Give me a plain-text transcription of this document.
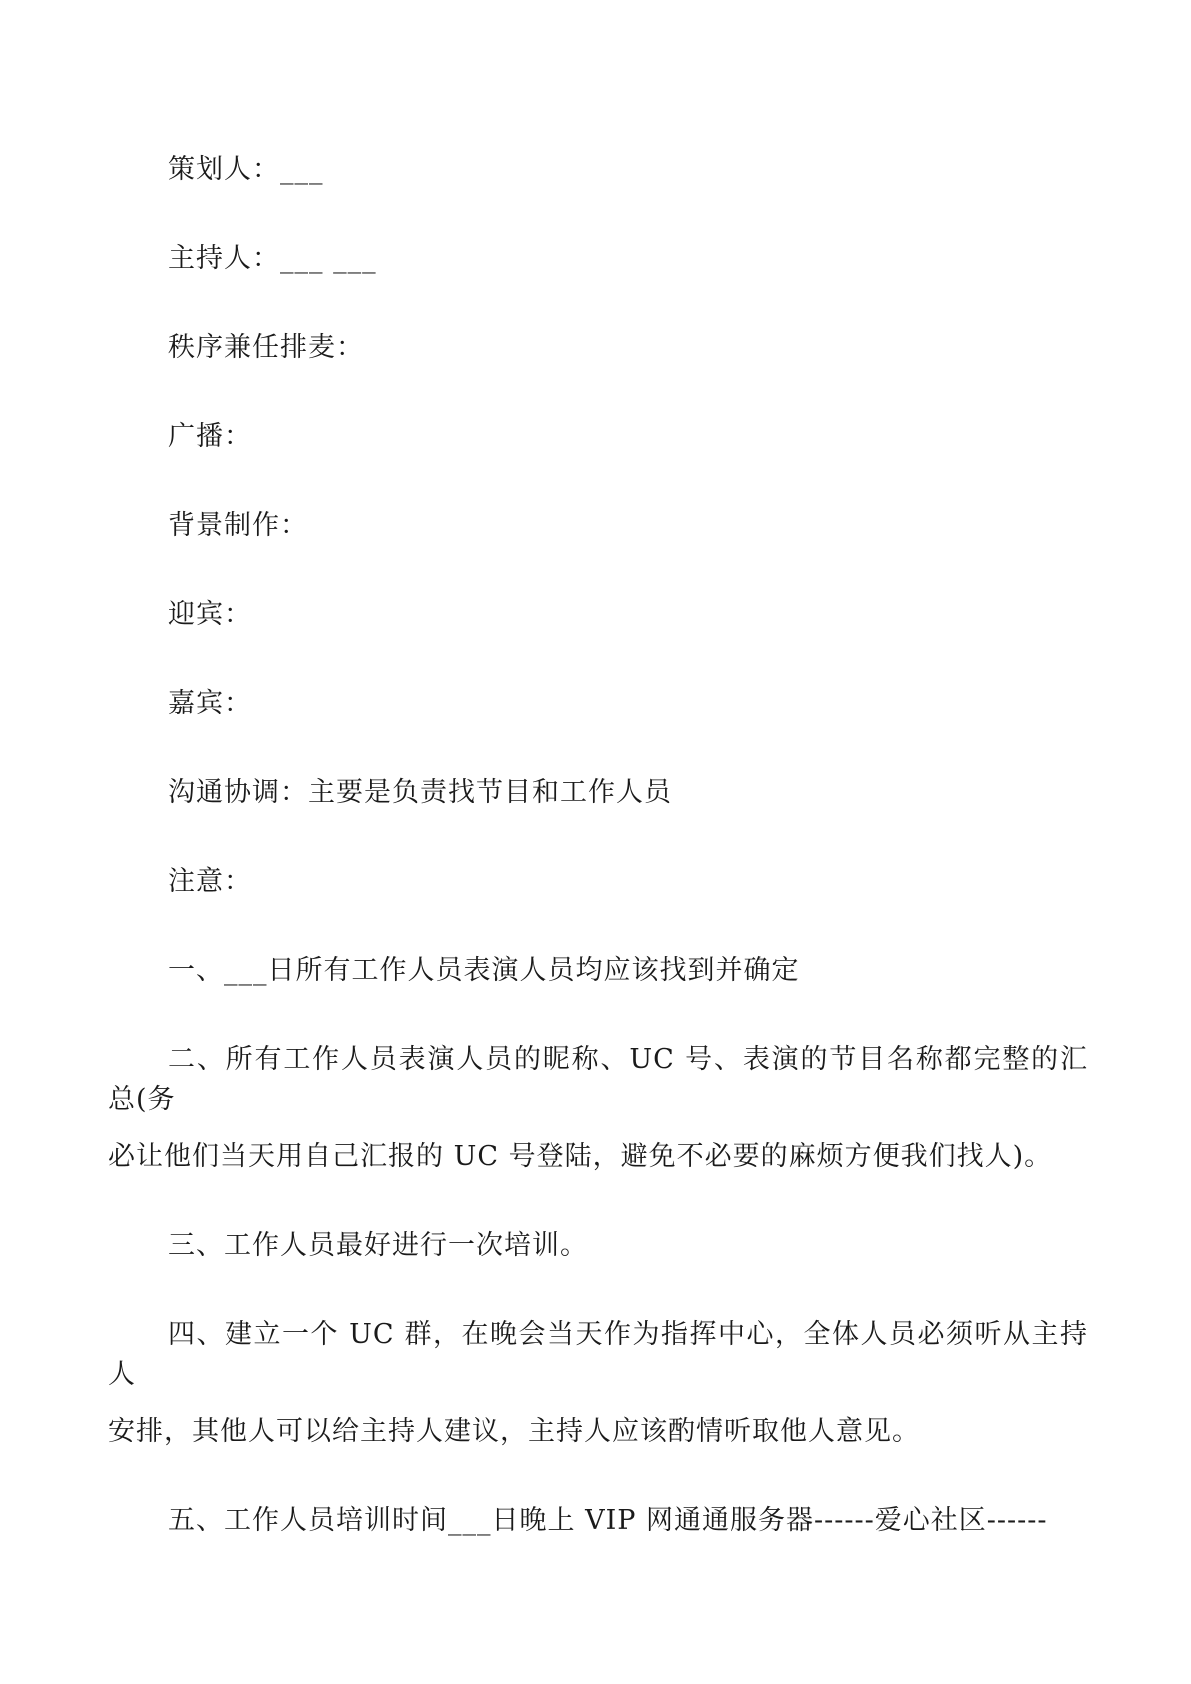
策划人：___
主持人：___ ___
秩序兼任排麦：
广播：
背景制作：
迎宾：
嘉宾：
沟通协调：主要是负责找节目和工作人员
注意：
一、___日所有工作人员表演人员均应该找到并确定
二、所有工作人员表演人员的昵称、UC 号、表演的节目名称都完整的汇总(务
必让他们当天用自己汇报的 UC 号登陆，避免不必要的麻烦方便我们找人)。
三、工作人员最好进行一次培训。
四、建立一个 UC 群，在晚会当天作为指挥中心，全体人员必须听从主持人
安排，其他人可以给主持人建议，主持人应该酌情听取他人意见。
五、工作人员培训时间___日晚上 VIP 网通通服务器------爱心社区------
